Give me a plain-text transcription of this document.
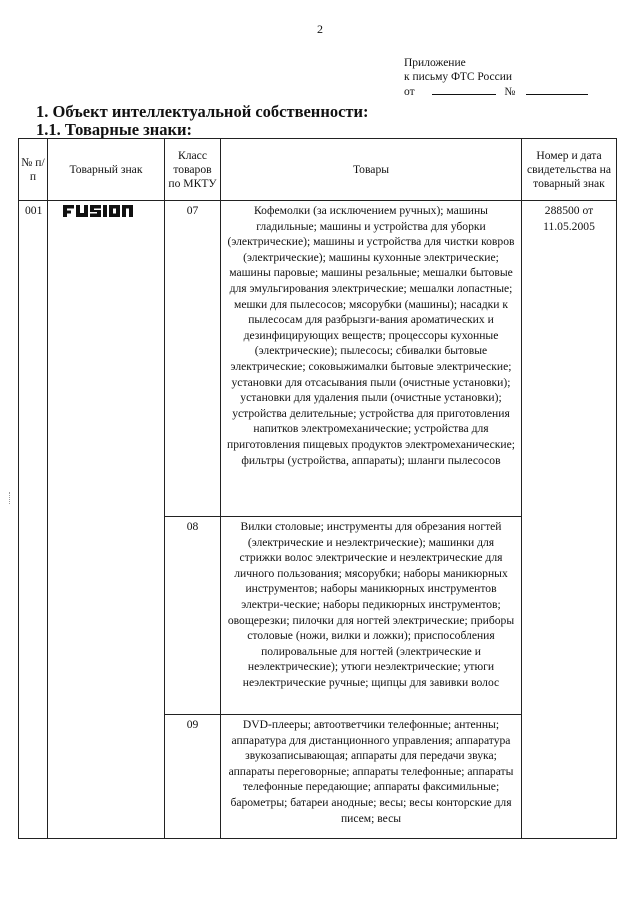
2
Приложение
к письму ФТС России
от	№
1. Объект интеллектуальной собственности:
1.1. Товарные знаки:
№ п/п	Товарный знак	Класс товаров по МКТУ	Товары	Номер и дата свидетельства на товарный знак

001		07	Кофемолки (за исключением ручных); машины гладильные; машины и устройства для уборки (электрические); машины и устройства для чистки ковров (электрические); машины кухонные электрические; машины паровые; машины резальные; мешалки бытовые для эмульгирования электрические; мешалки лопастные; мешки для пылесосов; мясорубки (машины); насадки к пылесосам для разбрызги-вания ароматических и дезинфицирующих веществ; процессоры кухонные (электрические); пылесосы; сбивалки бытовые электрические; соковыжималки бытовые электрические; установки для отсасывания пыли (очистные установки); установки для удаления пыли (очистные установки); устройства делительные; устройства для приготовления напитков электромеханические; устройства для приготовления пищевых продуктов электромеханические; фильтры (устройства, аппараты); шланги пылесосов	288500 от
11.05.2005

		08	Вилки столовые; инструменты для обрезания ногтей (электрические и неэлектрические); машинки для стрижки волос электрические и неэлектрические для личного пользования; мясорубки; наборы маникюрных инструментов; наборы маникюрных инструментов электри-ческие; наборы педикюрных инструментов; овощерезки; пилочки для ногтей электрические; приборы столовые (ножи, вилки и ложки); приспособления полировальные для ногтей (электрические и неэлектрические); утюги неэлектрические; утюги неэлектрические ручные; щипцы для завивки волос	

		09	DVD-плееры; автоответчики телефонные; антенны; аппаратура для дистанционного управления; аппаратура звукозаписывающая; аппараты для передачи звука; аппараты переговорные; аппараты телефонные; аппараты телефонные передающие; аппараты факсимильные; барометры; батареи анодные; весы; весы конторские для писем; весы	
